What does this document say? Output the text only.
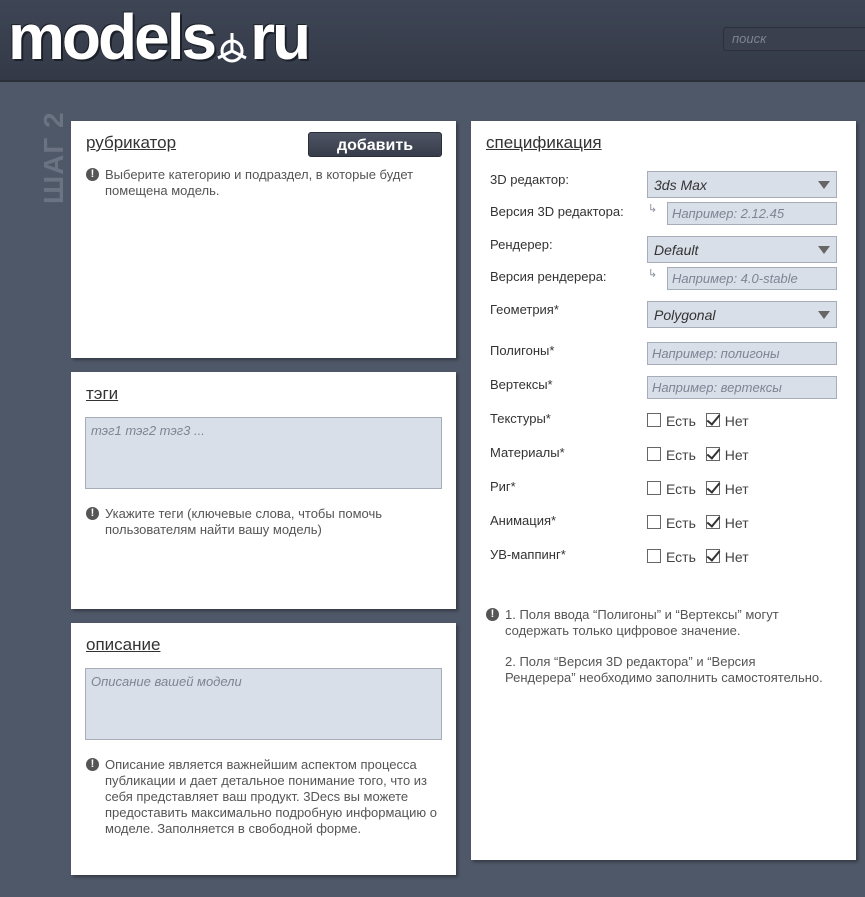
models ru	поиск
ШАГ 2 рубрикатор	добавить
! Выберите категорию и подраздел, в которые будет помещена модель.
тэги
тэг1 тэг2 тэг3 ...
! Укажите теги (ключевые слова, чтобы помочь пользователям найти вашу модель)
описание
Описание вашей модели
! Описание является важнейшим аспектом процесса публикации и дает детальное понимание того, что из себя представляет ваш продукт. 3Decs вы можете предоставить максимально подробную информацию о моделе. Заполняется в свободной форме.
спецификация
3D редактор:	3ds Max
Версия 3D редактора: ↳	Например: 2.12.45
Рендерер:	Default
Версия рендерера:	↳	Например: 4.0-stable
Геометрия*	Polygonal
Полигоны*	Например: полигоны
Вертексы*	Например: вертексы
Текстуры*	Есть Нет
Материалы*	Есть Нет
Риг*	Есть Нет
Анимация*	Есть Нет
УВ-маппинг*	Есть Нет
! 1. Поля ввода “Полигоны” и “Вертексы” могут содержать только цифровое значение.

2. Поля “Версия 3D редактора” и “Версия Рендерера” необходимо заполнить самостоятельно.
